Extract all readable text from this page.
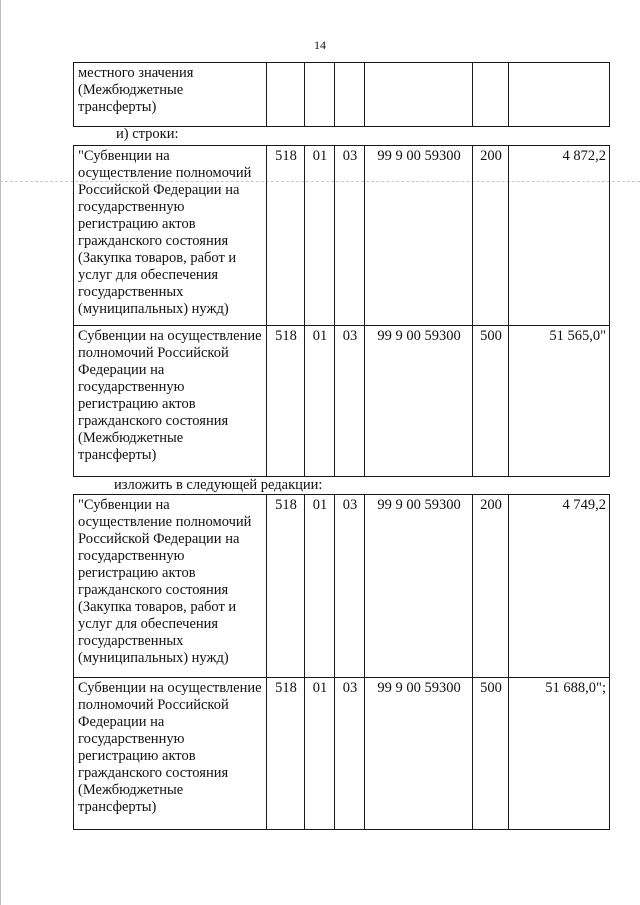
14
местного значения (Межбюджетные трансферты)						
и) строки:
"Субвенции на осуществление полномочий Российской Федерации на государственную регистрацию актов гражданского состояния (Закупка товаров, работ и услуг для обеспечения государственных (муниципальных) нужд)	518	01	03	99 9 00 59300	200	4 872,2
Субвенции на осуществление полномочий Российской Федерации на государственную регистрацию актов гражданского состояния (Межбюджетные трансферты)	518	01	03	99 9 00 59300	500	51 565,0"
изложить в следующей редакции:
"Субвенции на осуществление полномочий Российской Федерации на государственную регистрацию актов гражданского состояния (Закупка товаров, работ и услуг для обеспечения государственных (муниципальных) нужд)	518	01	03	99 9 00 59300	200	4 749,2
Субвенции на осуществление полномочий Российской Федерации на государственную регистрацию актов гражданского состояния (Межбюджетные трансферты)	518	01	03	99 9 00 59300	500	51 688,0";
